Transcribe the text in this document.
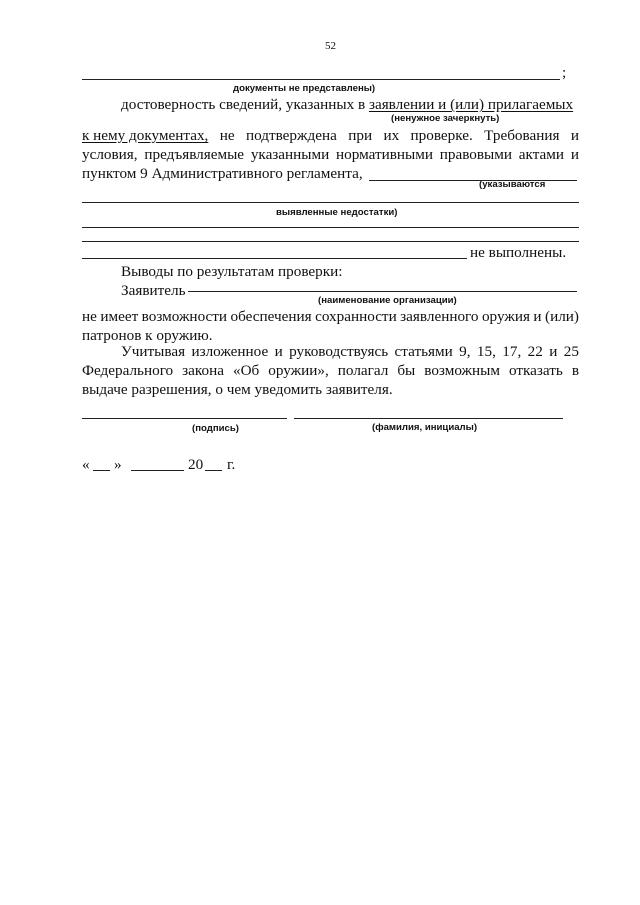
52
;
документы не представлены)
достоверность сведений, указанных в заявлении и (или) прилагаемых
(ненужное зачеркнуть)
к нему документах, не подтверждена при их проверке. Требования и
условия, предъявляемые указанными нормативными правовыми актами и
пунктом 9 Административного регламента,
(указываются
выявленные недостатки)
не выполнены.
Выводы по результатам проверки:
Заявитель
(наименование организации)
не имеет возможности обеспечения сохранности заявленного оружия и (или)
патронов к оружию.
Учитывая изложенное и руководствуясь статьями 9, 15, 17, 22 и 25
Федерального закона «Об оружии», полагал бы возможным отказать в
выдаче разрешения, о чем уведомить заявителя.
(подпись)	(фамилия, инициалы)
« »	20 г.
